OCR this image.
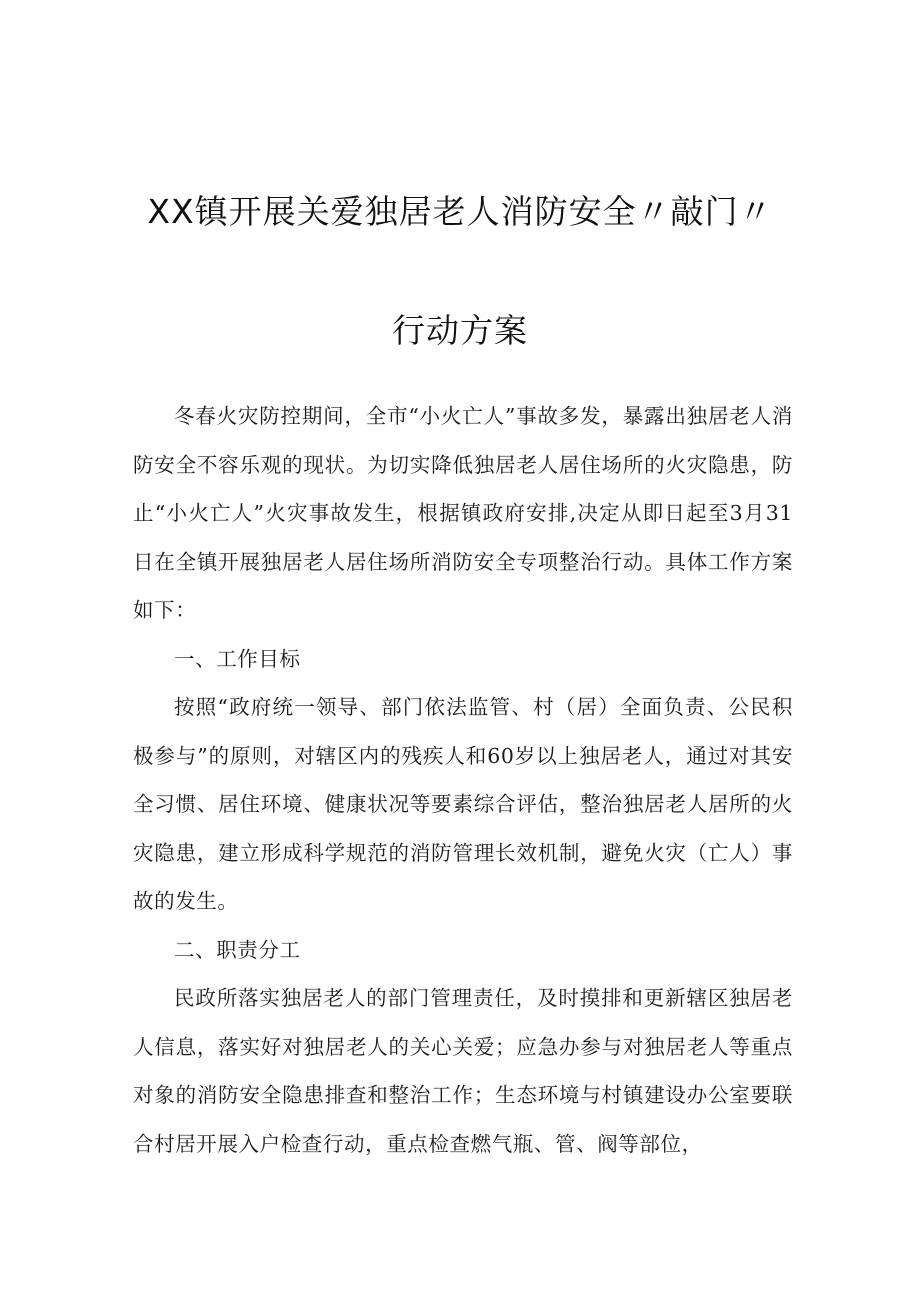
XX镇开展关爱独居老人消防安全〃敲门〃
行动方案

冬春火灾防控期间，全市“小火亡人”事故多发，暴露出独居老人消防安全不容乐观的现状。为切实降低独居老人居住场所的火灾隐患，防止“小火亡人”火灾事故发生，根据镇政府安排,决定从即日起至3月31日在全镇开展独居老人居住场所消防安全专项整治行动。具体工作方案如下：

一、工作目标

按照“政府统一领导、部门依法监管、村（居）全面负责、公民积极参与”的原则，对辖区内的残疾人和60岁以上独居老人，通过对其安全习惯、居住环境、健康状况等要素综合评估，整治独居老人居所的火灾隐患，建立形成科学规范的消防管理长效机制，避免火灾（亡人）事故的发生。

二、职责分工

民政所落实独居老人的部门管理责任，及时摸排和更新辖区独居老人信息，落实好对独居老人的关心关爱；应急办参与对独居老人等重点对象的消防安全隐患排查和整治工作；生态环境与村镇建设办公室要联合村居开展入户检查行动，重点检查燃气瓶、管、阀等部位，
